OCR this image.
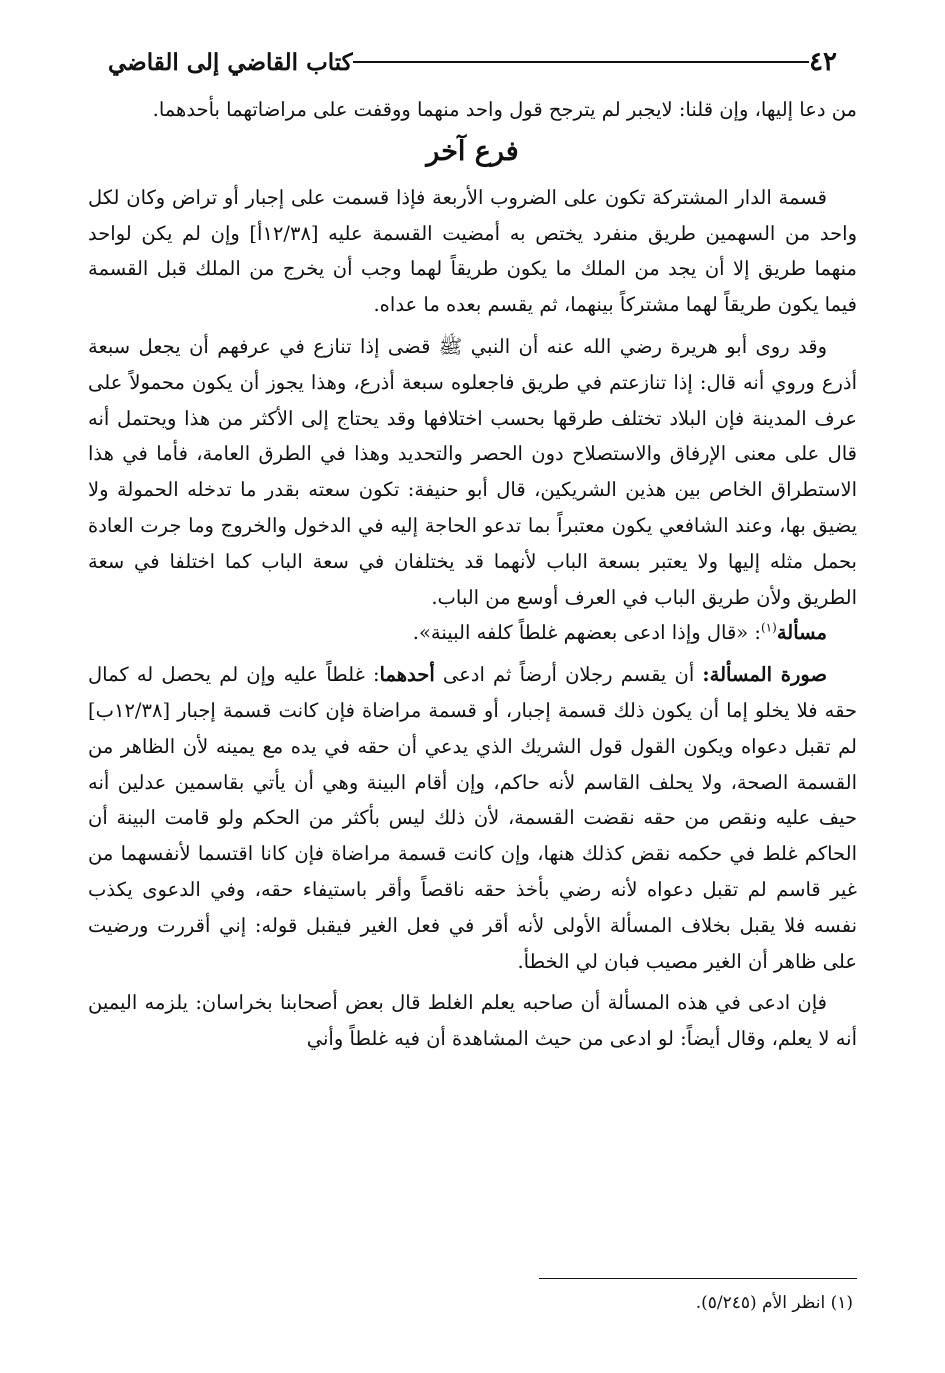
٤٢
كتاب القاضي إلى القاضي

من دعا إليها، وإن قلنا: لايجبر لم يترجح قول واحد منهما ووقفت على مراضاتهما بأحدهما.

فرع آخر

قسمة الدار المشتركة تكون على الضروب الأربعة فإذا قسمت على إجبار أو تراض وكان لكل واحد من السهمين طريق منفرد يختص به أمضيت القسمة عليه [١٢/٣٨أ] وإن لم يكن لواحد منهما طريق إلا أن يجد من الملك ما يكون طريقاً لهما وجب أن يخرج من الملك قبل القسمة فيما يكون طريقاً لهما مشتركاً بينهما، ثم يقسم بعده ما عداه.

وقد روى أبو هريرة رضي الله عنه أن النبي ﷺ قضى إذا تنازع في عرفهم أن يجعل سبعة أذرع وروي أنه قال: إذا تنازعتم في طريق فاجعلوه سبعة أذرع، وهذا يجوز أن يكون محمولاً على عرف المدينة فإن البلاد تختلف طرقها بحسب اختلافها وقد يحتاج إلى الأكثر من هذا ويحتمل أنه قال على معنى الإرفاق والاستصلاح دون الحصر والتحديد وهذا في الطرق العامة، فأما في هذا الاستطراق الخاص بين هذين الشريكين، قال أبو حنيفة: تكون سعته بقدر ما تدخله الحمولة ولا يضيق بها، وعند الشافعي يكون معتبراً بما تدعو الحاجة إليه في الدخول والخروج وما جرت العادة بحمل مثله إليها ولا يعتبر بسعة الباب لأنهما قد يختلفان في سعة الباب كما اختلفا في سعة الطريق ولأن طريق الباب في العرف أوسع من الباب.

مسألة$^{(١)}$: «قال وإذا ادعى بعضهم غلطاً كلفه البينة».

صورة المسألة: أن يقسم رجلان أرضاً ثم ادعى أحدهما: غلطاً عليه وإن لم يحصل له كمال حقه فلا يخلو إما أن يكون ذلك قسمة إجبار، أو قسمة مراضاة فإن كانت قسمة إجبار [١٢/٣٨ب] لم تقبل دعواه ويكون القول قول الشريك الذي يدعي أن حقه في يده مع يمينه لأن الظاهر من القسمة الصحة، ولا يحلف القاسم لأنه حاكم، وإن أقام البينة وهي أن يأتي بقاسمين عدلين أنه حيف عليه ونقص من حقه نقضت القسمة، لأن ذلك ليس بأكثر من الحكم ولو قامت البينة أن الحاكم غلط في حكمه نقض كذلك هنها، وإن كانت قسمة مراضاة فإن كانا اقتسما لأنفسهما من غير قاسم لم تقبل دعواه لأنه رضي بأخذ حقه ناقصاً وأقر باستيفاء حقه، وفي الدعوى يكذب نفسه فلا يقبل بخلاف المسألة الأولى لأنه أقر في فعل الغير فيقبل قوله: إني أقررت ورضيت على ظاهر أن الغير مصيب فبان لي الخطأ.

فإن ادعى في هذه المسألة أن صاحبه يعلم الغلط قال بعض أصحابنا بخراسان: يلزمه اليمين أنه لا يعلم، وقال أيضاً: لو ادعى من حيث المشاهدة أن فيه غلطاً وأني

(١) انظر الأم (٥/٢٤٥).
